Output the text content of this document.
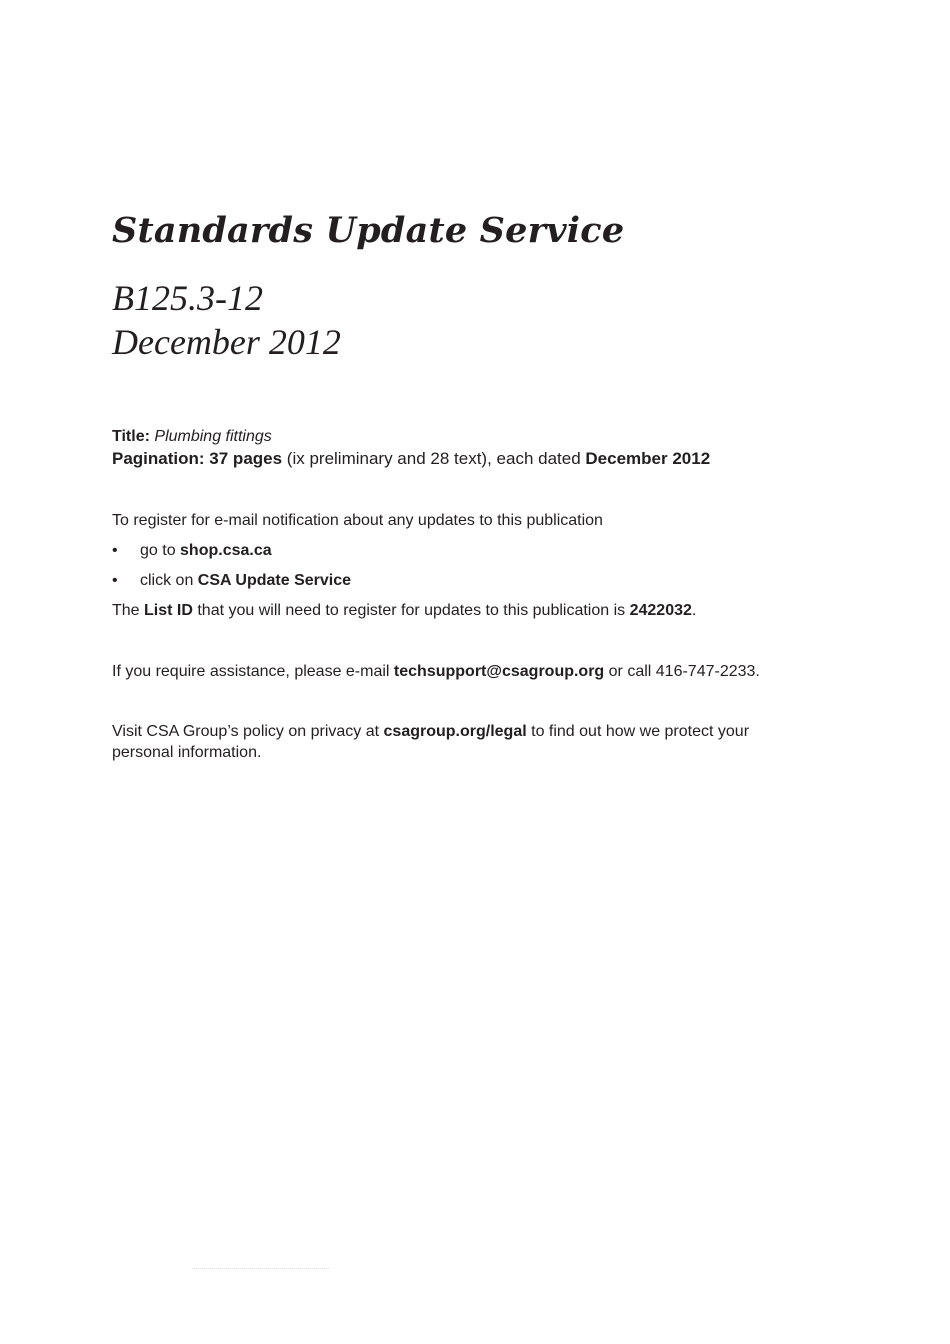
Standards Update Service
B125.3-12
December 2012
Title: Plumbing fittings
Pagination: 37 pages (ix preliminary and 28 text), each dated December 2012
To register for e-mail notification about any updates to this publication
•	go to shop.csa.ca
•	click on CSA Update Service
The List ID that you will need to register for updates to this publication is 2422032.
If you require assistance, please e-mail techsupport@csagroup.org or call 416-747-2233.
Visit CSA Group’s policy on privacy at csagroup.org/legal to find out how we protect your personal information.
